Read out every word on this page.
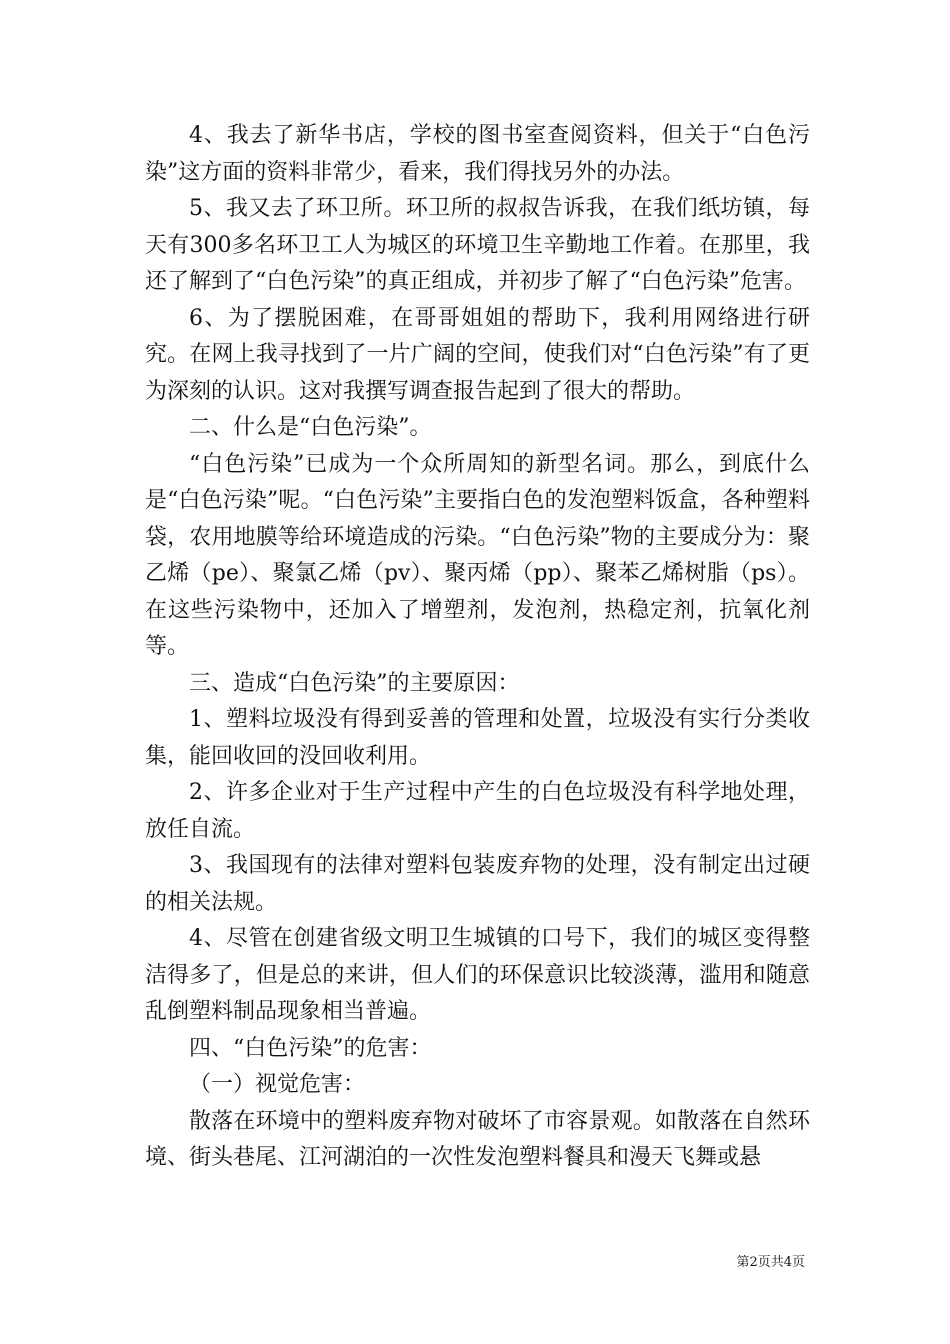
4、我去了新华书店，学校的图书室查阅资料，但关于“白色污染”这方面的资料非常少，看来，我们得找另外的办法。

5、我又去了环卫所。环卫所的叔叔告诉我，在我们纸坊镇，每天有300多名环卫工人为城区的环境卫生辛勤地工作着。在那里，我还了解到了“白色污染”的真正组成，并初步了解了“白色污染”危害。

6、为了摆脱困难，在哥哥姐姐的帮助下，我利用网络进行研究。在网上我寻找到了一片广阔的空间，使我们对“白色污染”有了更为深刻的认识。这对我撰写调查报告起到了很大的帮助。

二、什么是“白色污染”。

“白色污染”已成为一个众所周知的新型名词。那么，到底什么是“白色污染”呢。“白色污染”主要指白色的发泡塑料饭盒，各种塑料袋，农用地膜等给环境造成的污染。“白色污染”物的主要成分为：聚乙烯（pe）、聚氯乙烯（pv）、聚丙烯（pp）、聚苯乙烯树脂（ps）。在这些污染物中，还加入了增塑剂，发泡剂，热稳定剂，抗氧化剂等。

三、造成“白色污染”的主要原因：

1、塑料垃圾没有得到妥善的管理和处置，垃圾没有实行分类收集，能回收回的没回收利用。

2、许多企业对于生产过程中产生的白色垃圾没有科学地处理，放任自流。

3、我国现有的法律对塑料包装废弃物的处理，没有制定出过硬的相关法规。

4、尽管在创建省级文明卫生城镇的口号下，我们的城区变得整洁得多了，但是总的来讲，但人们的环保意识比较淡薄，滥用和随意乱倒塑料制品现象相当普遍。

四、“白色污染”的危害：

（一）视觉危害：

散落在环境中的塑料废弃物对破坏了市容景观。如散落在自然环境、街头巷尾、江河湖泊的一次性发泡塑料餐具和漫天飞舞或悬

第2页共4页
